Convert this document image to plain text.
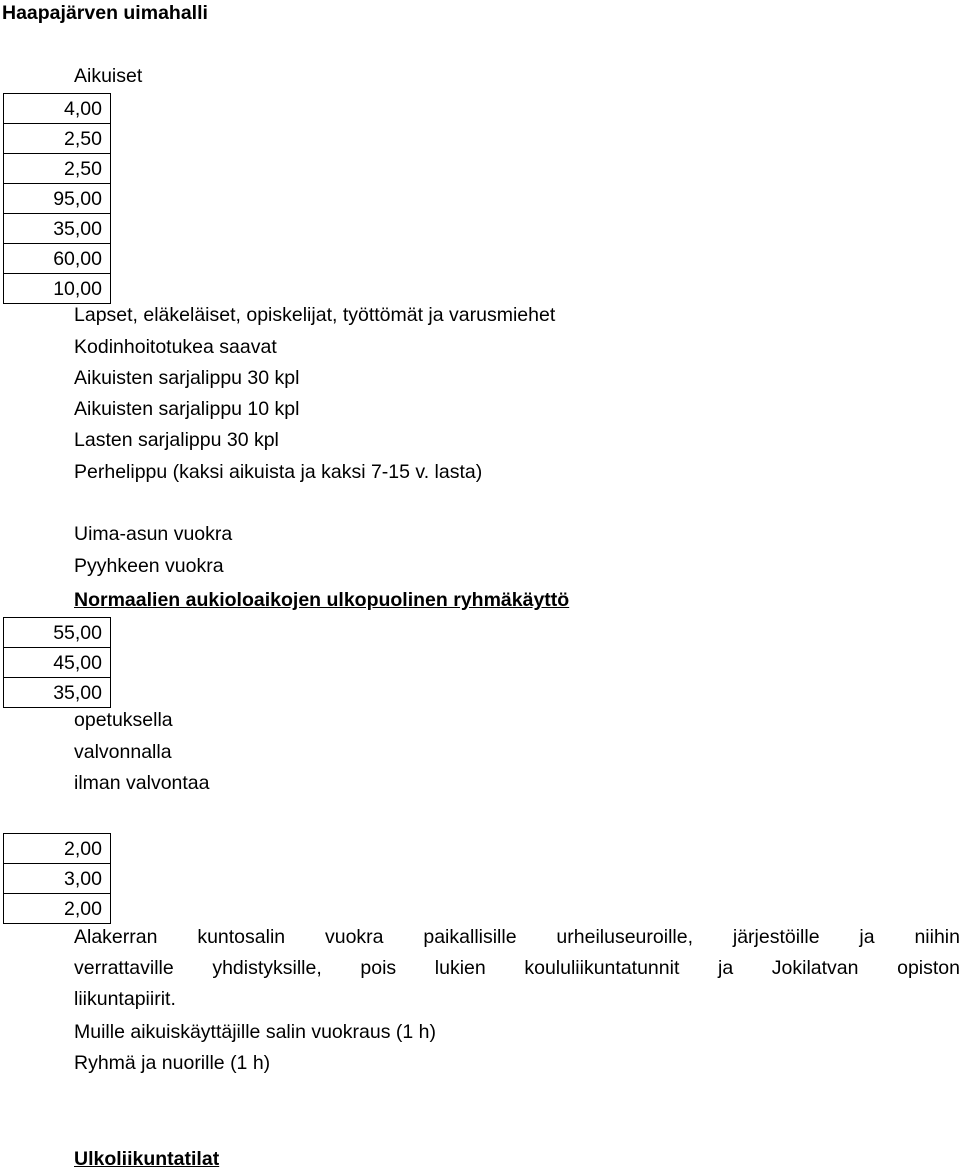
Haapajärven uimahalli
Aikuiset
4,00
2,50
2,50
95,00
35,00
60,00
10,00
Lapset, eläkeläiset, opiskelijat, työttömät ja varusmiehet
Kodinhoitotukea saavat
Aikuisten sarjalippu 30 kpl
Aikuisten sarjalippu 10 kpl
Lasten sarjalippu 30 kpl
Perhelippu (kaksi aikuista ja kaksi 7-15 v. lasta)
Uima-asun vuokra
Pyyhkeen vuokra
Normaalien aukioloaikojen ulkopuolinen ryhmäkäyttö
55,00
45,00
35,00
opetuksella
valvonnalla
ilman valvontaa
2,00
3,00
2,00
Alakerran kuntosalin vuokra paikallisille urheiluseuroille, järjestöille ja niihin
verrattaville yhdistyksille, pois lukien koululiikuntatunnit ja Jokilatvan opiston
liikuntapiirit.
Muille aikuiskäyttäjille salin vuokraus (1 h)
Ryhmä ja nuorille (1 h)
Ulkoliikuntatilat
